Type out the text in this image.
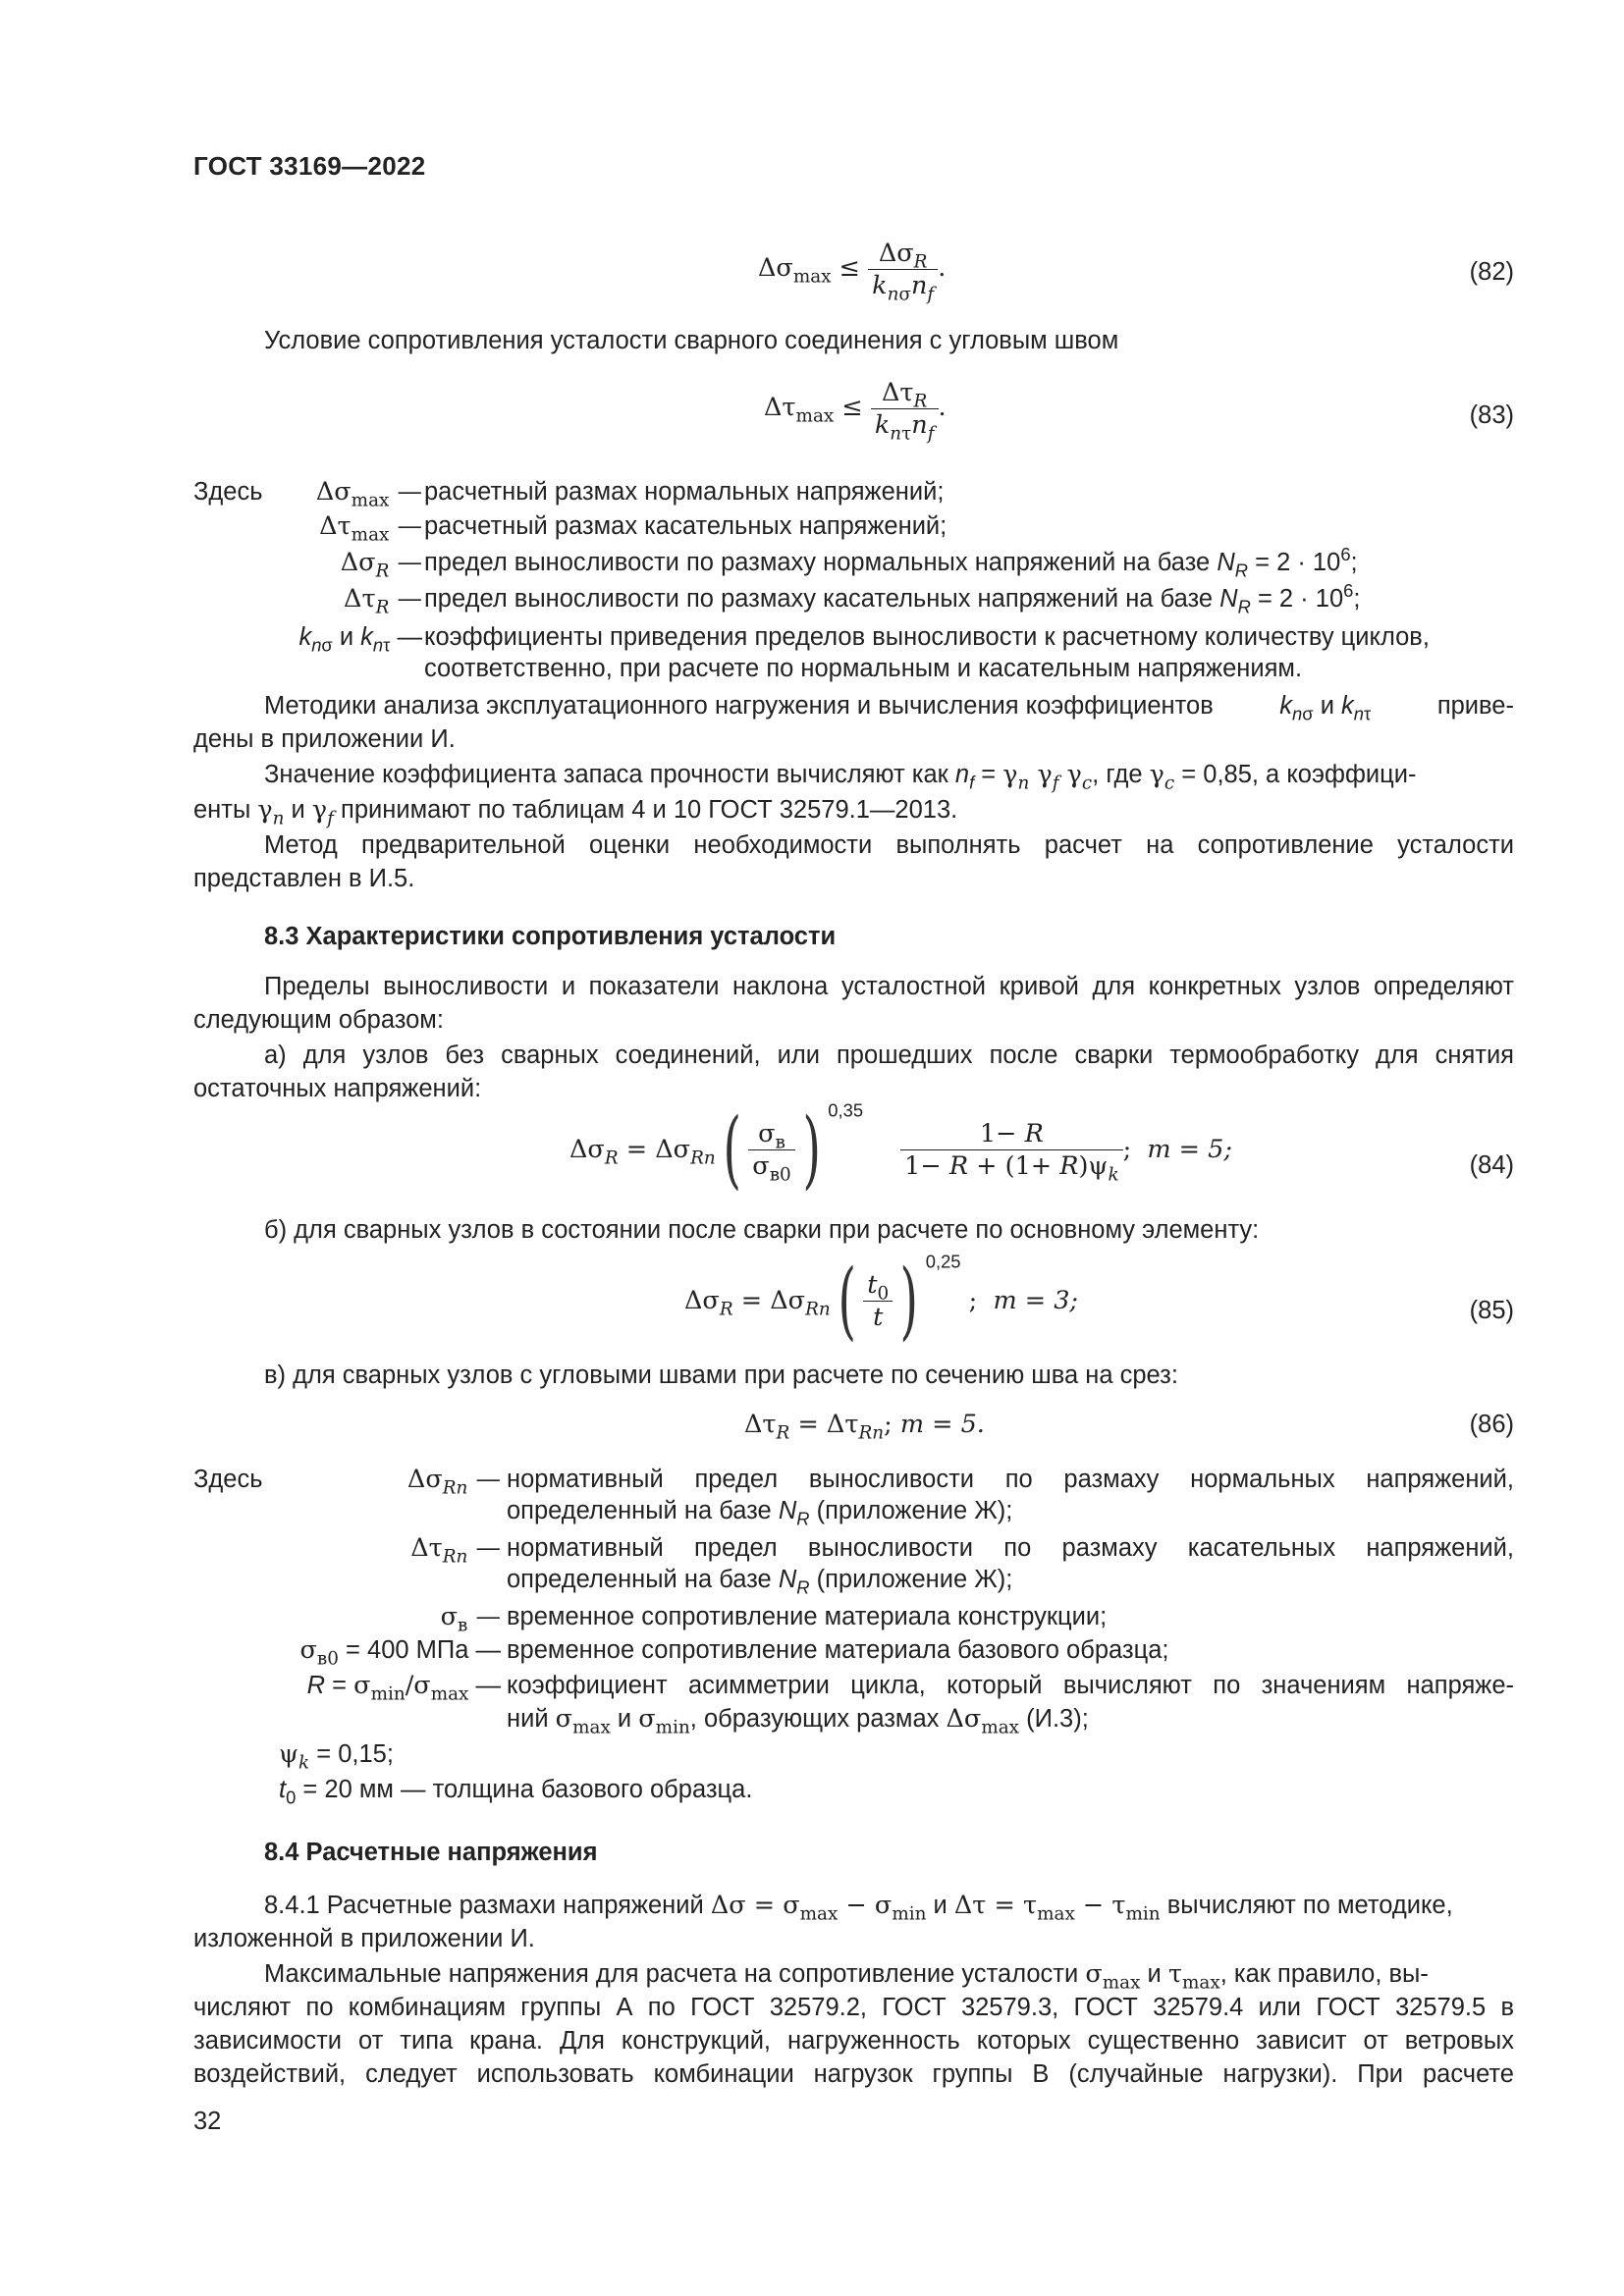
ГОСТ 33169—2022
$\Delta\sigma_{max} \le \frac{\Delta\sigma_R}{k_{n\sigma}n_f}$ .	(82)
Условие сопротивления усталости сварного соединения с угловым швом
$\Delta\tau_{max} \le \frac{\Delta\tau_R}{k_{n\tau}n_f}$ .	(83)
Здесь	$\Delta\sigma_{max}$ — расчетный размах нормальных напряжений;
$\Delta\tau_{max}$ — расчетный размах касательных напряжений;
$\Delta\sigma_R$ — предел выносливости по размаху нормальных напряжений на базе $N_R = 2 \cdot 10^6$;
$\Delta\tau_R$ — предел выносливости по размаху касательных напряжений на базе $N_R = 2 \cdot 10^6$;
$k_{n\sigma}$ и $k_{n\tau}$ — коэффициенты приведения пределов выносливости к расчетному количеству циклов,
соответственно, при расчете по нормальным и касательным напряжениям.
Методики анализа эксплуатационного нагружения и вычисления коэффициентов	$k_{n\sigma}$ и $k_{n\tau}$	приве-
дены в приложении И.
Значение коэффициента запаса прочности вычисляют как $n_f = \gamma_n$ $\gamma_f$ $\gamma_c$, где $\gamma_c = 0,85$, а коэффици-
енты $\gamma_n$ и $\gamma_f$ принимают по таблицам 4 и 10 ГОСТ 32579.1—2013.
Метод предварительной оценки необходимости выполнять расчет на сопротивление усталости представлен в И.5.
8.3 Характеристики сопротивления усталости
Пределы выносливости и показатели наклона усталостной кривой для конкретных узлов определяют следующим образом:
а) для узлов без сварных соединений, или прошедших после сварки термообработку для снятия остаточных напряжений:
$\Delta\sigma_R = \Delta\sigma_{Rn}( \frac{\sigma_в}{\sigma_{в0}}$ ) $^{0,35}$
$\frac{1- R}{1- R + (1+ R)\psi_k}$ ;  m = 5;
(84)
б) для сварных узлов в состоянии после сварки при расчете по основному элементу:
$\Delta\sigma_R = \Delta\sigma_{Rn}( \frac{t_0}{t}$ ) $^{0,25}$ ;  m = 3;	(85)
в) для сварных узлов с угловыми швами при расчете по сечению шва на срез:
$\Delta\tau_R = \Delta\tau_{Rn}$; m = 5.	(86)
Здесь	$\Delta\sigma_{Rn}$ — нормативный предел выносливости по размаху нормальных напряжений,
определенный на базе $N_R$ (приложение Ж);
$\Delta\tau_{Rn}$ — нормативный предел выносливости по размаху касательных напряжений,
определенный на базе $N_R$ (приложение Ж);
$\sigma_в$ — временное сопротивление материала конструкции;
$\sigma_{в0} = 400$ МПа — временное сопротивление материала базового образца;
$R = \sigma_{min}/\sigma_{max}$ — коэффициент асимметрии цикла, который вычисляют по значениям напряже-
ний $\sigma_{max}$ и $\sigma_{min}$, образующих размах $\Delta\sigma_{max}$ (И.3);
$\psi_k = 0,15$;
$t_0 = 20$ мм — толщина базового образца.
8.4 Расчетные напряжения
8.4.1 Расчетные размахи напряжений $\Delta\sigma = \sigma_{max} - \sigma_{min}$ и $\Delta\tau = \tau_{max} - \tau_{min}$ вычисляют по методике,
изложенной в приложении И.
Максимальные напряжения для расчета на сопротивление усталости $\sigma_{max}$ и $\tau_{max}$, как правило, вы-
числяют по комбинациям группы А по ГОСТ 32579.2, ГОСТ 32579.3, ГОСТ 32579.4 или ГОСТ 32579.5 в
зависимости от типа крана. Для конструкций, нагруженность которых существенно зависит от ветровых
воздействий, следует использовать комбинации нагрузок группы В (случайные нагрузки). При расчете
32
